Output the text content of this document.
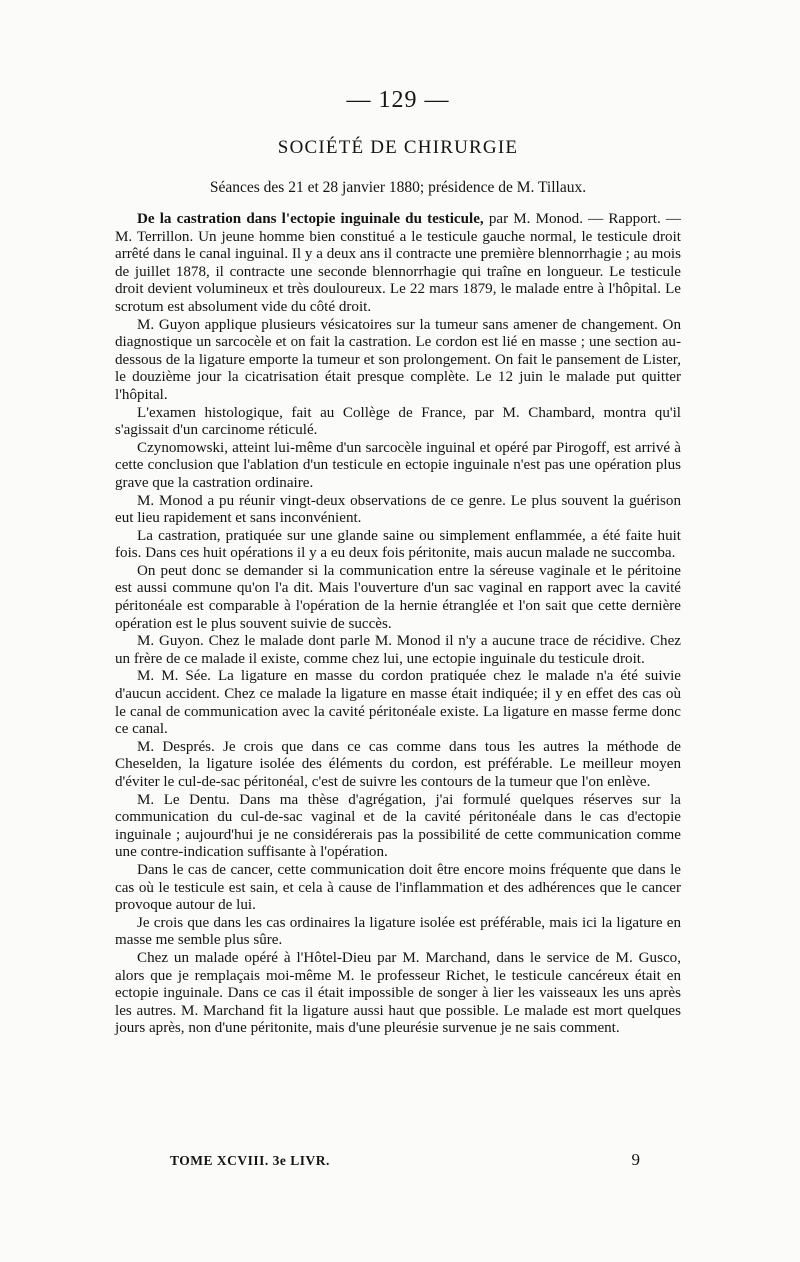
— 129 —
SOCIÉTÉ DE CHIRURGIE
Séances des 21 et 28 janvier 1880; présidence de M. Tillaux.

De la castration dans l'ectopie inguinale du testicule, par M. Monod. — Rapport. — M. Terrillon. Un jeune homme bien constitué a le testicule gauche normal, le testicule droit arrêté dans le canal inguinal. Il y a deux ans il contracte une première blennorrhagie ; au mois de juillet 1878, il contracte une seconde blennorrhagie qui traîne en longueur. Le testicule droit devient volumineux et très douloureux. Le 22 mars 1879, le malade entre à l'hôpital. Le scrotum est absolument vide du côté droit.

M. Guyon applique plusieurs vésicatoires sur la tumeur sans amener de changement. On diagnostique un sarcocèle et on fait la castration. Le cordon est lié en masse ; une section au-dessous de la ligature emporte la tumeur et son prolongement. On fait le pansement de Lister, le douzième jour la cicatrisation était presque complète. Le 12 juin le malade put quitter l'hôpital.

L'examen histologique, fait au Collège de France, par M. Chambard, montra qu'il s'agissait d'un carcinome réticulé.

Czynomowski, atteint lui-même d'un sarcocèle inguinal et opéré par Pirogoff, est arrivé à cette conclusion que l'ablation d'un testicule en ectopie inguinale n'est pas une opération plus grave que la castration ordinaire.

M. Monod a pu réunir vingt-deux observations de ce genre. Le plus souvent la guérison eut lieu rapidement et sans inconvénient.

La castration, pratiquée sur une glande saine ou simplement enflammée, a été faite huit fois. Dans ces huit opérations il y a eu deux fois péritonite, mais aucun malade ne succomba.

On peut donc se demander si la communication entre la séreuse vaginale et le péritoine est aussi commune qu'on l'a dit. Mais l'ouverture d'un sac vaginal en rapport avec la cavité péritonéale est comparable à l'opération de la hernie étranglée et l'on sait que cette dernière opération est le plus souvent suivie de succès.

M. Guyon. Chez le malade dont parle M. Monod il n'y a aucune trace de récidive. Chez un frère de ce malade il existe, comme chez lui, une ectopie inguinale du testicule droit.

M. M. Sée. La ligature en masse du cordon pratiquée chez le malade n'a été suivie d'aucun accident. Chez ce malade la ligature en masse était indiquée; il y en effet des cas où le canal de communication avec la cavité péritonéale existe. La ligature en masse ferme donc ce canal.

M. Després. Je crois que dans ce cas comme dans tous les autres la méthode de Cheselden, la ligature isolée des éléments du cordon, est préférable. Le meilleur moyen d'éviter le cul-de-sac péritonéal, c'est de suivre les contours de la tumeur que l'on enlève.

M. Le Dentu. Dans ma thèse d'agrégation, j'ai formulé quelques réserves sur la communication du cul-de-sac vaginal et de la cavité péritonéale dans le cas d'ectopie inguinale ; aujourd'hui je ne considérerais pas la possibilité de cette communication comme une contre-indication suffisante à l'opération.

Dans le cas de cancer, cette communication doit être encore moins fréquente que dans le cas où le testicule est sain, et cela à cause de l'inflammation et des adhérences que le cancer provoque autour de lui.

Je crois que dans les cas ordinaires la ligature isolée est préférable, mais ici la ligature en masse me semble plus sûre.

Chez un malade opéré à l'Hôtel-Dieu par M. Marchand, dans le service de M. Gusco, alors que je remplaçais moi-même M. le professeur Richet, le testicule cancéreux était en ectopie inguinale. Dans ce cas il était impossible de songer à lier les vaisseaux les uns après les autres. M. Marchand fit la ligature aussi haut que possible. Le malade est mort quelques jours après, non d'une péritonite, mais d'une pleurésie survenue je ne sais comment.

TOME XCVIII. 3e LIVR.	9
